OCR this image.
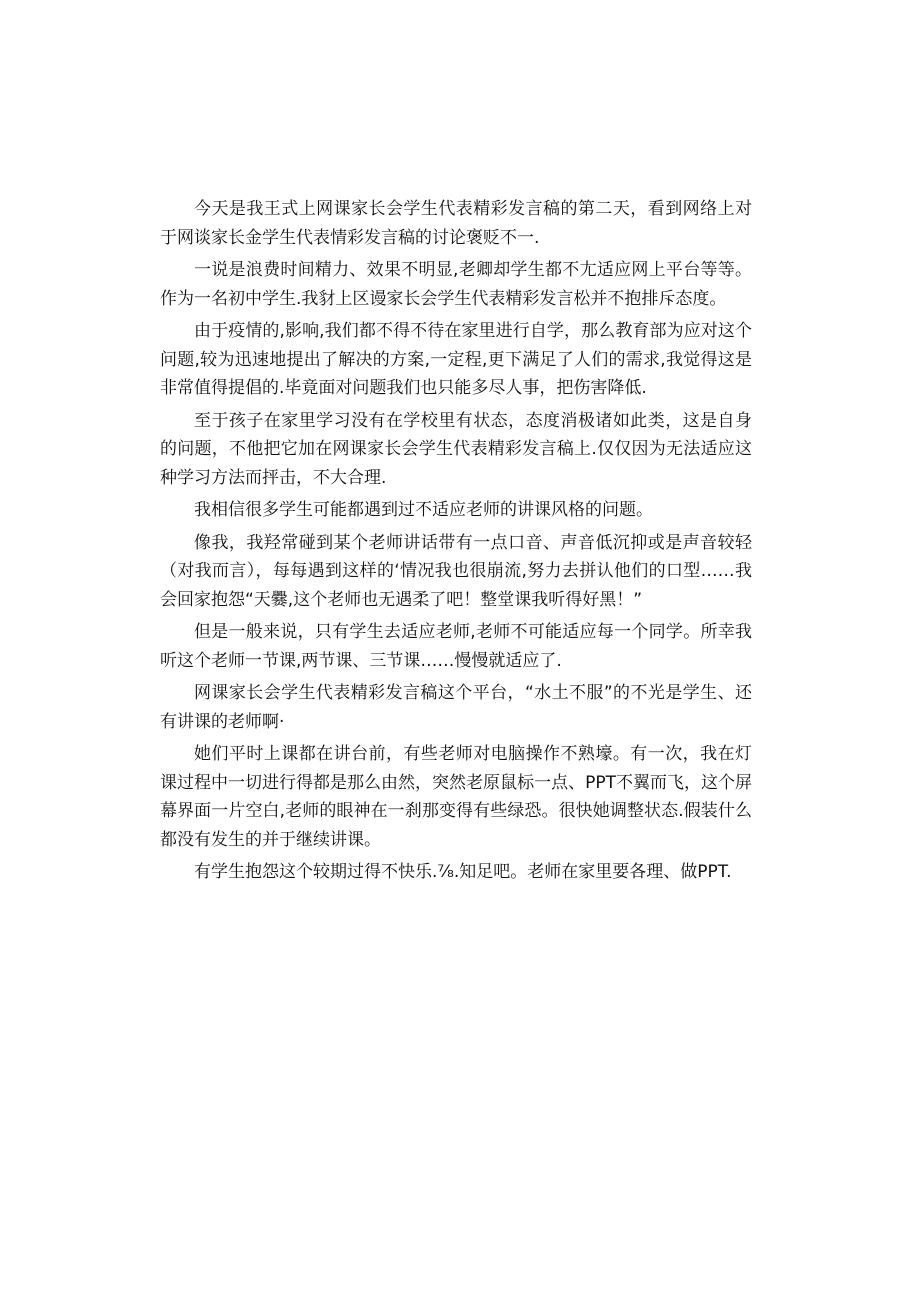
今天是我王式上网课家长会学生代表精彩发言稿的第二天，看到网络上对于网谈家长金学生代表情彩发言稿的讨论褒贬不一.

一说是浪费时间精力、效果不明显,老卿却学生都不尢适应网上平台等等。作为一名初中学生.我豺上区谩家长会学生代表精彩发言松并不抱排斥态度。

由于疫情的,影响,我们都不得不待在家里进行自学，那么教育部为应对这个问题,较为迅速地提出了解决的方案,一定程,更下满足了人们的需求,我觉得这是非常值得提倡的.毕竟面对问题我们也只能多尽人事，把伤害降低.

至于孩子在家里学习没有在学校里有状态，态度消极诸如此类，这是自身的问题，不他把它加在网课家长会学生代表精彩发言稿上.仅仅因为无法适应这种学习方法而抨击，不大合理.

我相信很多学生可能都遇到过不适应老师的讲课风格的问题。

像我，我羟常碰到某个老师讲话带有一点口音、声音低沉抑或是声音较轻（对我而言），每每遇到这样的‘情况我也很崩流,努力去拼认他们的口型……我会回家抱怨“天爨,这个老师也无遇柔了吧！整堂课我听得好黑！”

但是一般来说，只有学生去适应老师,老师不可能适应每一个同学。所幸我听这个老师一节课,两节课、三节课……慢慢就适应了.

网课家长会学生代表精彩发言稿这个平台，“水土不服”的不光是学生、还有讲课的老师啊·

她们平时上课都在讲台前，有些老师对电脑操作不熟壕。有一次，我在灯课过程中一切进行得都是那么由然，突然老原鼠标一点、PPT不翼而飞，这个屏幕界面一片空白,老师的眼神在一刹那变得有些绿恐。很快她调整状态.假装什么都没有发生的并于继续讲课。

有学生抱怨这个较期过得不快乐.⅞.知足吧。老师在家里要各理、做PPT.
